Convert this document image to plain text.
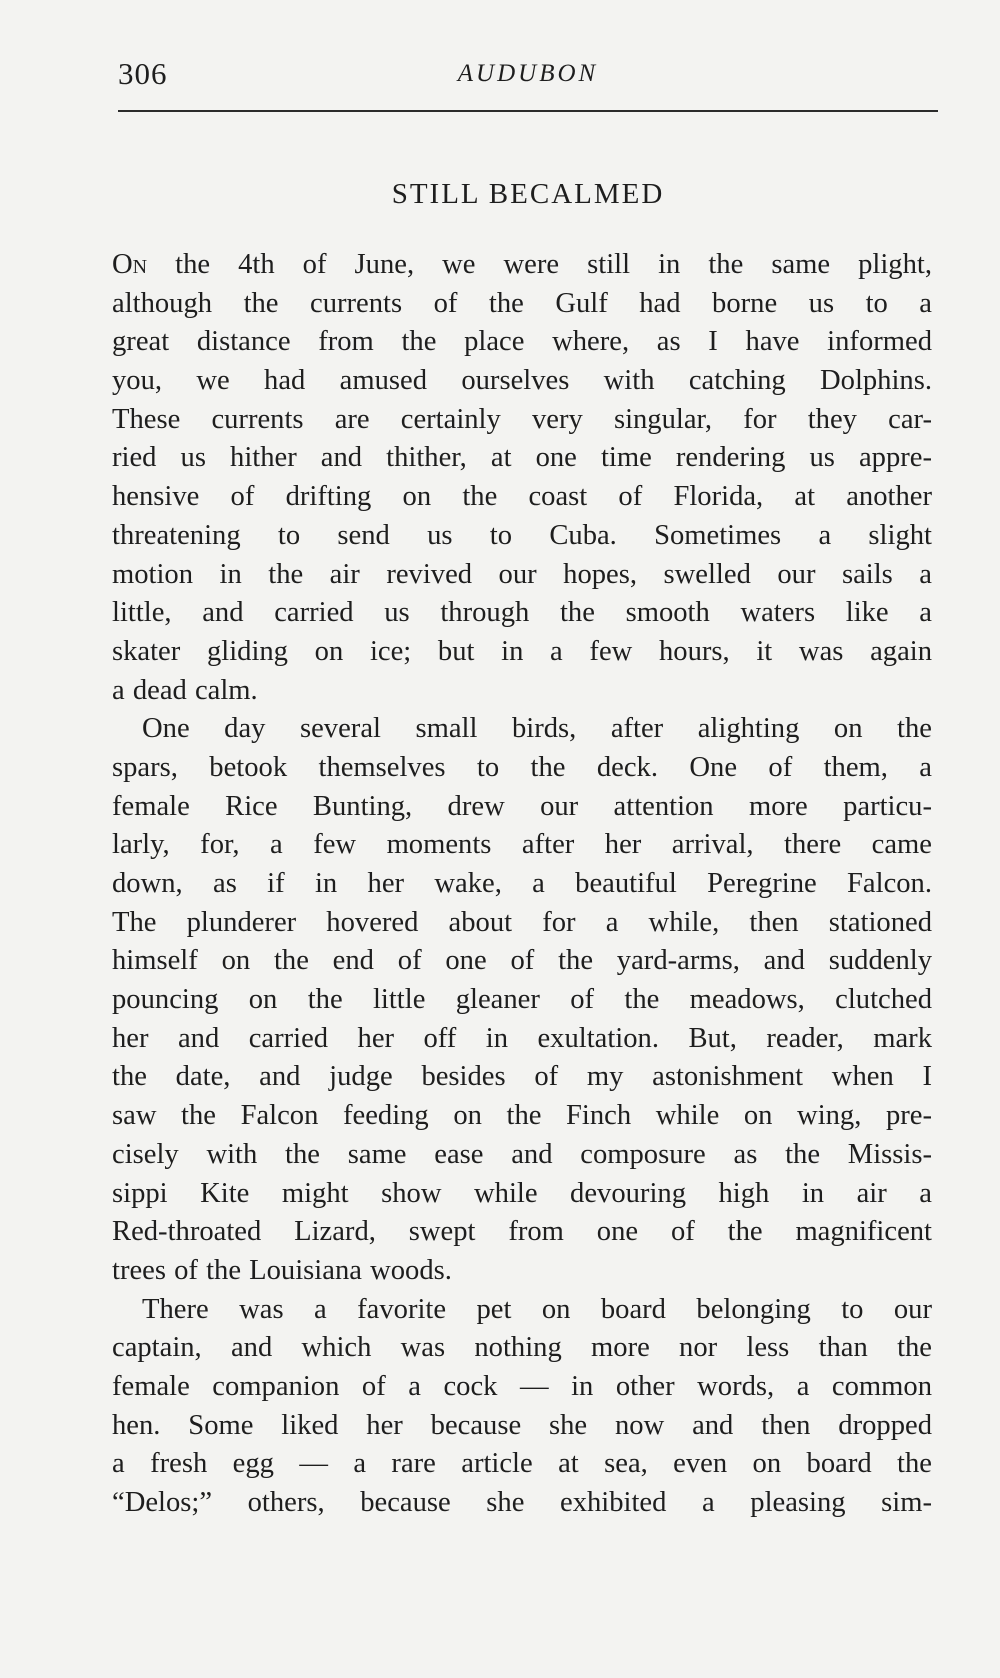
306	AUDUBON
STILL BECALMED
On the 4th of June, we were still in the same plight,
although the currents of the Gulf had borne us to a
great distance from the place where, as I have informed
you, we had amused ourselves with catching Dolphins.
These currents are certainly very singular, for they car-
ried us hither and thither, at one time rendering us appre-
hensive of drifting on the coast of Florida, at another
threatening to send us to Cuba. Sometimes a slight
motion in the air revived our hopes, swelled our sails a
little, and carried us through the smooth waters like a
skater gliding on ice; but in a few hours, it was again
a dead calm.
One day several small birds, after alighting on the
spars, betook themselves to the deck. One of them, a
female Rice Bunting, drew our attention more particu-
larly, for, a few moments after her arrival, there came
down, as if in her wake, a beautiful Peregrine Falcon.
The plunderer hovered about for a while, then stationed
himself on the end of one of the yard-arms, and suddenly
pouncing on the little gleaner of the meadows, clutched
her and carried her off in exultation. But, reader, mark
the date, and judge besides of my astonishment when I
saw the Falcon feeding on the Finch while on wing, pre-
cisely with the same ease and composure as the Missis-
sippi Kite might show while devouring high in air a
Red-throated Lizard, swept from one of the magnificent
trees of the Louisiana woods.
There was a favorite pet on board belonging to our
captain, and which was nothing more nor less than the
female companion of a cock — in other words, a common
hen. Some liked her because she now and then dropped
a fresh egg — a rare article at sea, even on board the
“Delos;” others, because she exhibited a pleasing sim-
